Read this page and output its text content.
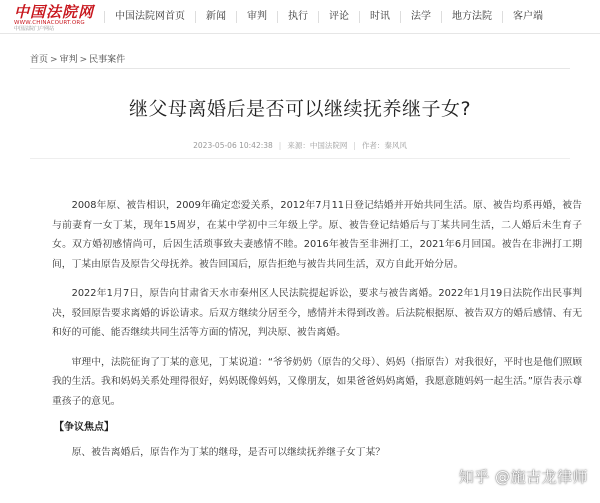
中国法院网
WWW.CHINACOURT.ORG
中国法院门户网站
中国法院网首页	新闻	审判	执行	评论	时讯	法学	地方法院	客户端
首页 > 审判 > 民事案件
继父母离婚后是否可以继续抚养继子女?
2023-05-06 10:42:38 | 来源：中国法院网 | 作者：秦风风

2008年原、被告相识，2009年确定恋爱关系，2012年7月11日登记结婚并开始共同生活。原、被告均系再婚，被告与前妻育一女丁某，现年15周岁，在某中学初中三年级上学。原、被告登记结婚后与丁某共同生活，二人婚后未生育子女。双方婚初感情尚可，后因生活琐事致夫妻感情不睦。2016年被告至非洲打工，2021年6月回国。被告在非洲打工期间，丁某由原告及原告父母抚养。被告回国后，原告拒绝与被告共同生活，双方自此开始分居。

2022年1月7日，原告向甘肃省天水市秦州区人民法院提起诉讼，要求与被告离婚。2022年1月19日法院作出民事判决，驳回原告要求离婚的诉讼请求。后双方继续分居至今，感情并未得到改善。后法院根据原、被告双方的婚后感情、有无和好的可能、能否继续共同生活等方面的情况，判决原、被告离婚。

审理中，法院征询了丁某的意见，丁某说道：“爷爷奶奶（原告的父母）、妈妈（指原告）对我很好，平时也是他们照顾我的生活。我和妈妈关系处理得很好，妈妈既像妈妈，又像朋友，如果爸爸妈妈离婚，我愿意随妈妈一起生活。”原告表示尊重孩子的意见。

【争议焦点】

原、被告离婚后，原告作为丁某的继母，是否可以继续抚养继子女丁某？

知乎 @施吉龙律师
